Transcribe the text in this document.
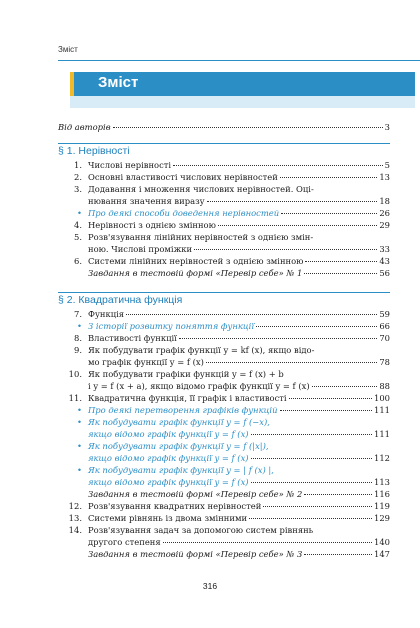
Зміст
Зміст
Від авторів	3
§ 1. Нерівності
1. Числові нерівності	5
2. Основні властивості числових нерівностей	13
3. Додавання і множення числових нерівностей. Оці-
нювання значення виразу	18
• Про деякі способи доведення нерівностей	26
4. Нерівності з однією змінною	29
5. Розв'язування лінійних нерівностей з однією змін-
ною. Числові проміжки	33
6. Системи лінійних нерівностей з однією змінною	43
Завдання в тестовій формі «Перевір себе» № 1	56
§ 2. Квадратична функція
7. Функція	59
• З історії розвитку поняття функції	66
8. Властивості функції	70
9. Як побудувати графік функції y = kf (x), якщо відо-
мо графік функції y = f (x)	78
10. Як побудувати графіки функцій y = f (x) + b
і y = f (x + a), якщо відомо графік функції y = f (x)	88
11. Квадратична функція, її графік і властивості	100
• Про деякі перетворення графіків функцій	111
• Як побудувати графік функції y = f (−x),
якщо відомо графік функції y = f (x)	111
• Як побудувати графік функції y = f (|x|),
якщо відомо графік функції y = f (x)	112
• Як побудувати графік функції y = | f (x) |,
якщо відомо графік функції y = f (x)	113
Завдання в тестовій формі «Перевір себе» № 2	116
12. Розв'язування квадратних нерівностей	119
13. Системи рівнянь із двома змінними	129
14. Розв'язування задач за допомогою систем рівнянь
другого степеня	140
Завдання в тестовій формі «Перевір себе» № 3	147
316
